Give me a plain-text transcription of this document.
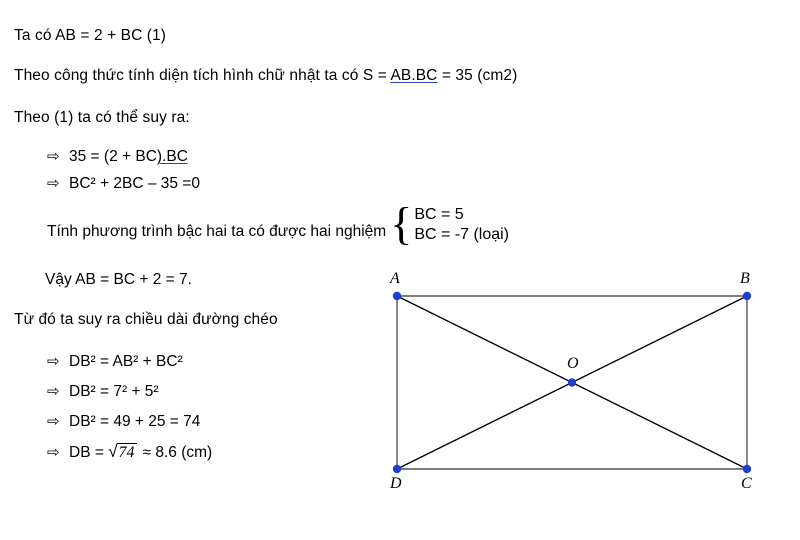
Ta có AB = 2 + BC (1)
Theo công thức tính diện tích hình chữ nhật ta có S = AB.BC = 35 (cm2)
Theo (1) ta có thể suy ra:
⇨ 35 = (2 + BC).BC
⇨ BC² + 2BC – 35 =0
Tính phương trình bậc hai ta có được hai nghiệm { BC = 5
BC = -7 (loại)
Vậy AB = BC + 2 = 7.
Từ đó ta suy ra chiều dài đường chéo
⇨ DB² = AB² + BC²
⇨ DB² = 7² + 5²
⇨ DB² = 49 + 25 = 74
⇨ DB = √74 ≈ 8.6 (cm)
A	B
C
D
O
